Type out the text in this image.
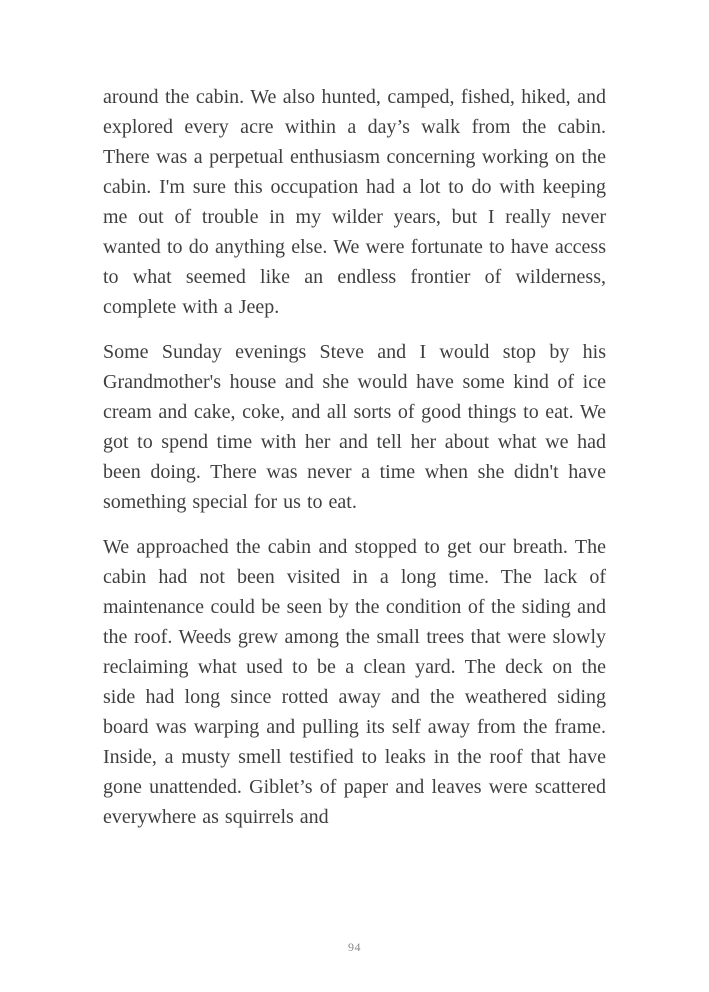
around the cabin. We also hunted, camped, fished, hiked, and explored every acre within a day’s walk from the cabin. There was a perpetual enthusiasm concerning working on the cabin. I'm sure this occupation had a lot to do with keeping me out of trouble in my wilder years, but I really never wanted to do anything else. We were fortunate to have access to what seemed like an endless frontier of wilderness, complete with a Jeep.

Some Sunday evenings Steve and I would stop by his Grandmother's house and she would have some kind of ice cream and cake, coke, and all sorts of good things to eat. We got to spend time with her and tell her about what we had been doing. There was never a time when she didn't have something special for us to eat.

We approached the cabin and stopped to get our breath. The cabin had not been visited in a long time. The lack of maintenance could be seen by the condition of the siding and the roof. Weeds grew among the small trees that were slowly reclaiming what used to be a clean yard. The deck on the side had long since rotted away and the weathered siding board was warping and pulling its self away from the frame. Inside, a musty smell testified to leaks in the roof that have gone unattended. Giblet’s of paper and leaves were scattered everywhere as squirrels and

94
